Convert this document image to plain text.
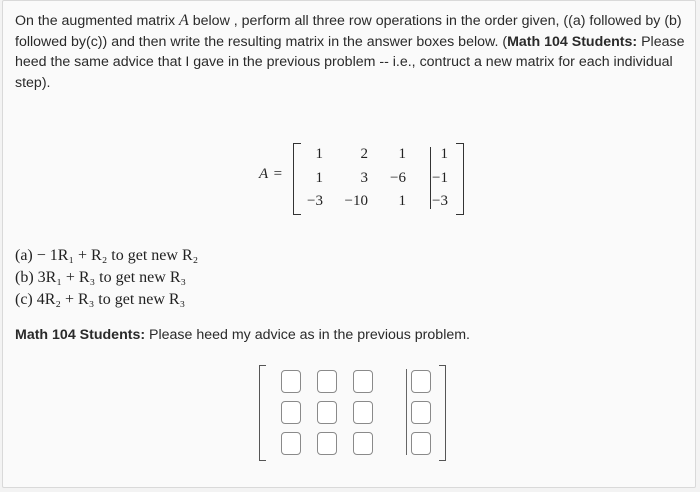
On the augmented matrix A below , perform all three row operations in the order given, ((a) followed by (b) followed by(c)) and then write the resulting matrix in the answer boxes below. (Math 104 Students: Please heed the same advice that I gave in the previous problem -- i.e., contruct a new matrix for each individual step).
A =
1	2	1	1
1	3	−6	−1
−3	−10	1	−3
(a) − 1R₁ + R₂ to get new R₂
(b) 3R₁ + R₃ to get new R₃
(c) 4R₂ + R₃ to get new R₃
Math 104 Students: Please heed my advice as in the previous problem.
